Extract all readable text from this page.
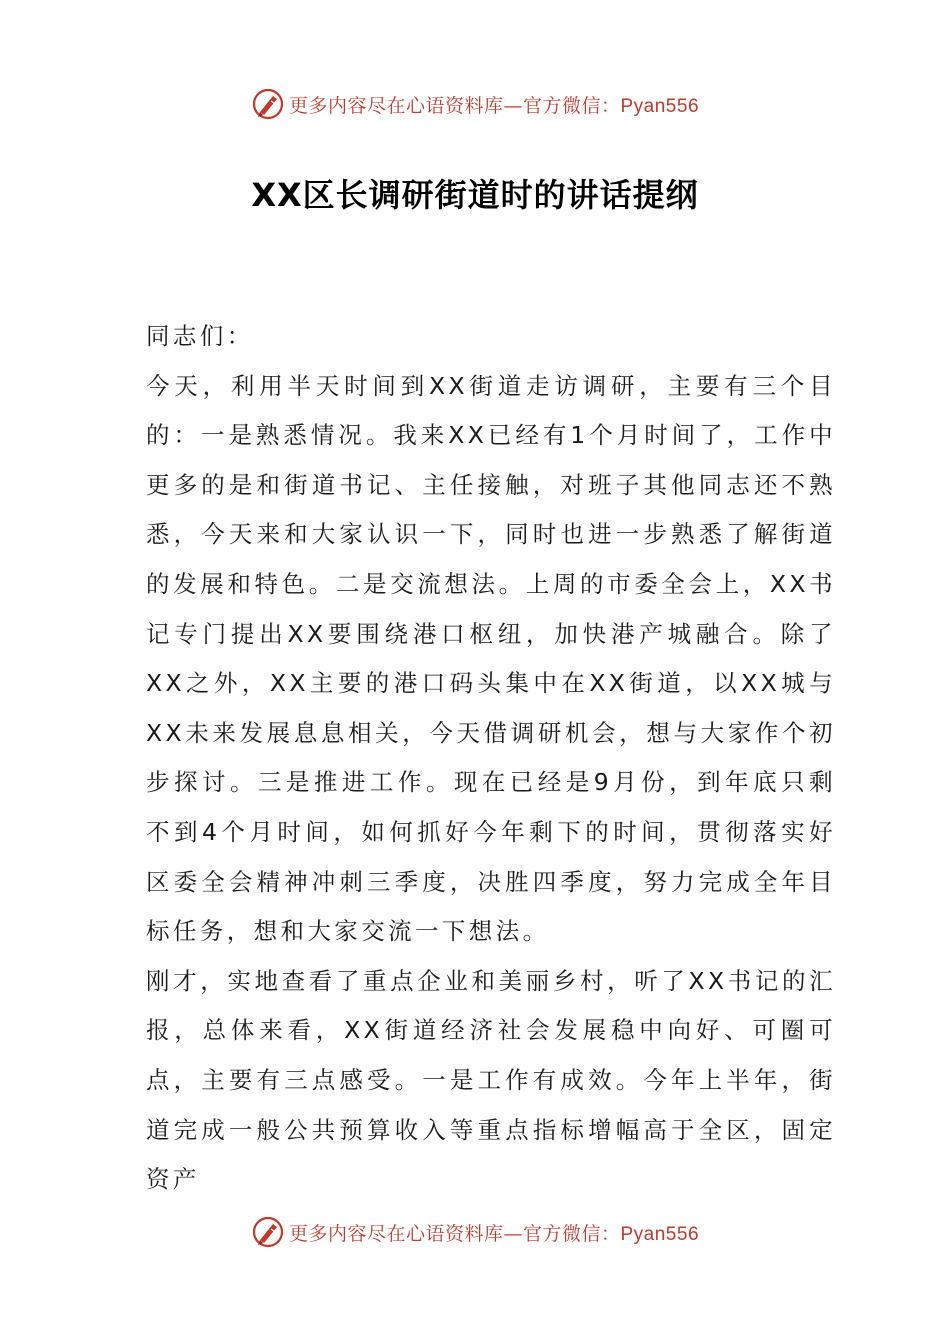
更多内容尽在心语资料库—官方微信：Pyan556
XX区长调研街道时的讲话提纲

同志们：

今天，利用半天时间到XX街道走访调研，主要有三个目的：一是熟悉情况。我来XX已经有1个月时间了，工作中更多的是和街道书记、主任接触，对班子其他同志还不熟悉，今天来和大家认识一下，同时也进一步熟悉了解街道的发展和特色。二是交流想法。上周的市委全会上，XX书记专门提出XX要围绕港口枢纽，加快港产城融合。除了XX之外，XX主要的港口码头集中在XX街道，以XX城与XX未来发展息息相关，今天借调研机会，想与大家作个初步探讨。三是推进工作。现在已经是9月份，到年底只剩不到4个月时间，如何抓好今年剩下的时间，贯彻落实好区委全会精神冲刺三季度，决胜四季度，努力完成全年目标任务，想和大家交流一下想法。

刚才，实地查看了重点企业和美丽乡村，听了XX书记的汇报，总体来看，XX街道经济社会发展稳中向好、可圈可点，主要有三点感受。一是工作有成效。今年上半年，街道完成一般公共预算收入等重点指标增幅高于全区，固定资产

更多内容尽在心语资料库—官方微信：Pyan556
